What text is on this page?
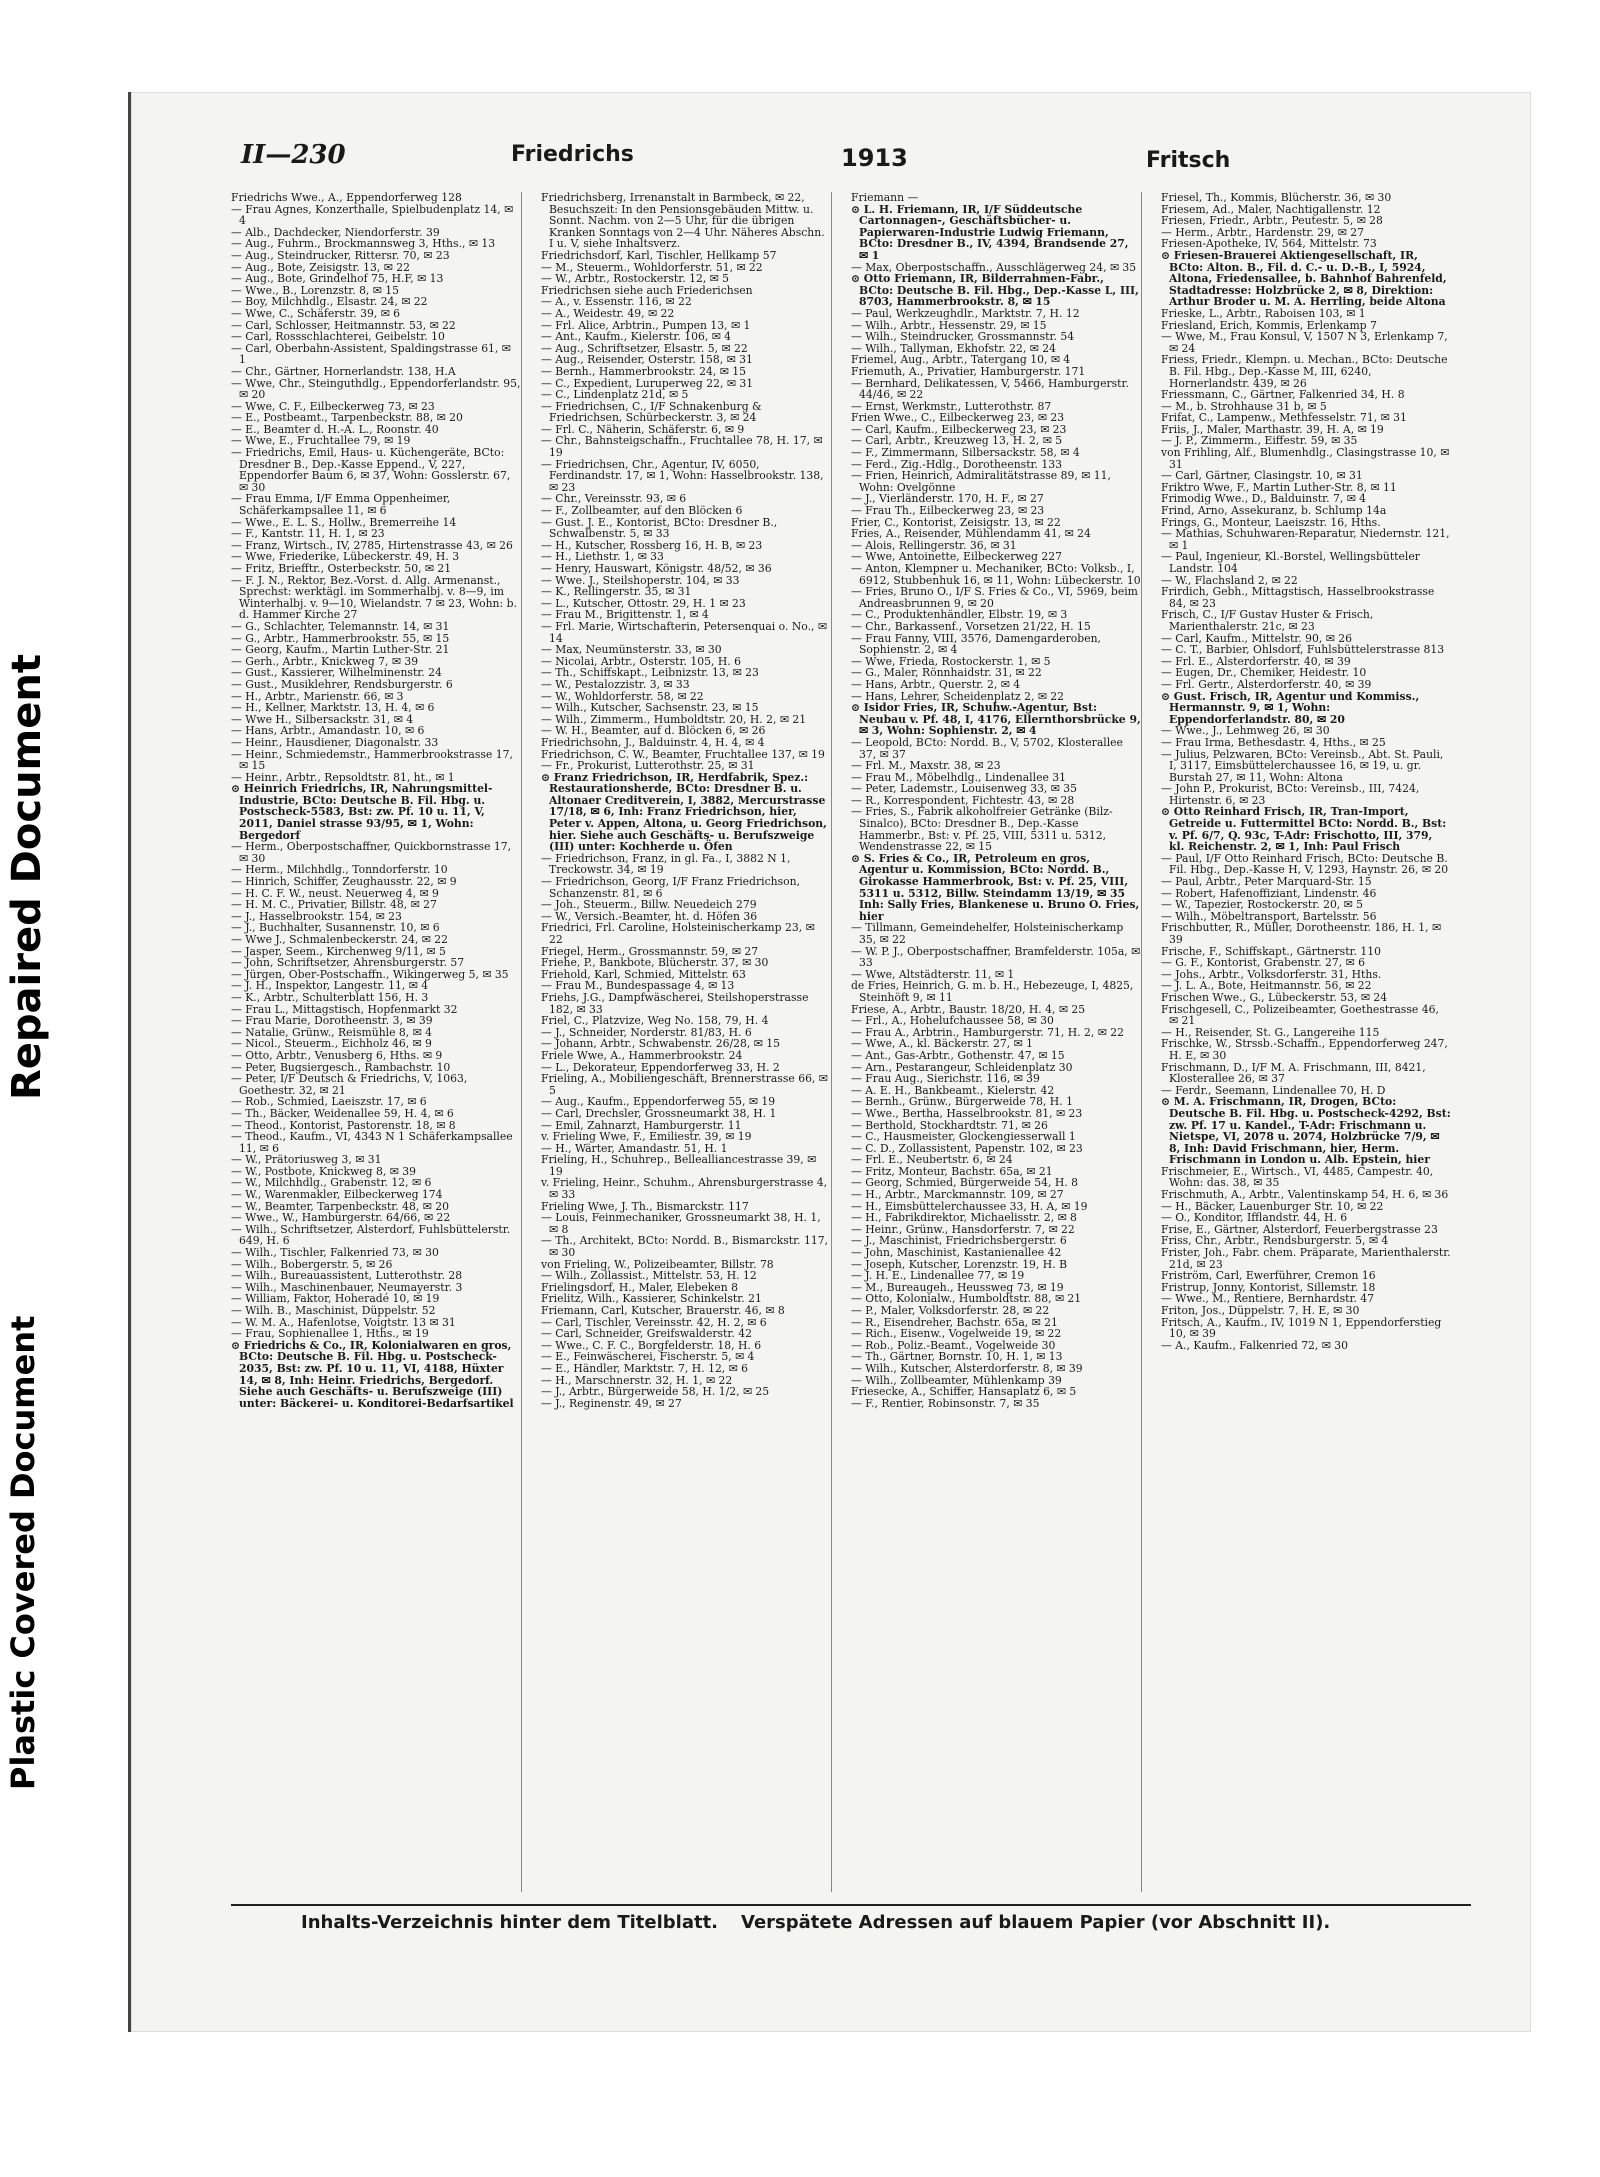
Repaired Document
Plastic Covered Document
II—230	Friedrichs	1913	Fritsch

Friedrichs Wwe., A., Eppendorferweg 128

— Frau Agnes, Konzerthalle, Spielbudenplatz 14, ✉ 4

— Alb., Dachdecker, Niendorferstr. 39

— Aug., Fuhrm., Brockmannsweg 3, Hths., ✉ 13

— Aug., Steindrucker, Rittersr. 70, ✉ 23

— Aug., Bote, Zeisigstr. 13, ✉ 22

— Aug., Bote, Grindelhof 75, H.F, ✉ 13

— Wwe., B., Lorenzstr. 8, ✉ 15

— Boy, Milchhdlg., Elsastr. 24, ✉ 22

— Wwe, C., Schäferstr. 39, ✉ 6

— Carl, Schlosser, Heitmannstr. 53, ✉ 22

— Carl, Rossschlachterei, Geibelstr. 10

— Carl, Oberbahn-Assistent, Spaldingstrasse 61, ✉ 1

— Chr., Gärtner, Hornerlandstr. 138, H.A

— Wwe, Chr., Steinguthdlg., Eppendorferlandstr. 95, ✉ 20

— Wwe, C. F., Eilbeckerweg 73, ✉ 23

— E., Postbeamt., Tarpenbeckstr. 88, ✉ 20

— E., Beamter d. H.-A. L., Roonstr. 40

— Wwe, E., Fruchtallee 79, ✉ 19

— Friedrichs, Emil, Haus- u. Küchengeräte, BCto: Dresdner B., Dep.-Kasse Eppend., V, 227, Eppendorfer Baum 6, ✉ 37, Wohn: Gosslerstr. 67, ✉ 30

— Frau Emma, I/F Emma Oppenheimer, Schäferkampsallee 11, ✉ 6

— Wwe., E. L. S., Hollw., Bremerreihe 14

— F., Kantstr. 11, H. 1, ✉ 23

— Franz, Wirtsch., IV, 2785, Hirtenstrasse 43, ✉ 26

— Wwe, Friederike, Lübeckerstr. 49, H. 3

— Fritz, Briefftr., Osterbeckstr. 50, ✉ 21

— F. J. N., Rektor, Bez.-Vorst. d. Allg. Armenanst., Sprechst: werktägl. im Sommerhalbj. v. 8—9, im Winterhalbj. v. 9—10, Wielandstr. 7 ✉ 23, Wohn: b. d. Hammer Kirche 27

— G., Schlachter, Telemannstr. 14, ✉ 31

— G., Arbtr., Hammerbrookstr. 55, ✉ 15

— Georg, Kaufm., Martin Luther-Str. 21

— Gerh., Arbtr., Knickweg 7, ✉ 39

— Gust., Kassierer, Wilhelminenstr. 24

— Gust., Musiklehrer, Rendsburgerstr. 6

— H., Arbtr., Marienstr. 66, ✉ 3

— H., Kellner, Marktstr. 13, H. 4, ✉ 6

— Wwe H., Silbersackstr. 31, ✉ 4

— Hans, Arbtr., Amandastr. 10, ✉ 6

— Heinr., Hausdiener, Diagonalstr. 33

— Heinr., Schmiedemstr., Hammerbrookstrasse 17, ✉ 15

— Heinr., Arbtr., Repsoldtstr. 81, ht., ✉ 1

⊙ Heinrich Friedrichs, IR, Nahrungsmittel-Industrie, BCto: Deutsche B. Fil. Hbg. u. Postscheck-5583, Bst: zw. Pf. 10 u. 11, V, 2011, Daniel strasse 93/95, ✉ 1, Wohn: Bergedorf

— Herm., Oberpostschaffner, Quickbornstrasse 17, ✉ 30

— Herm., Milchhdlg., Tonndorferstr. 10

— Hinrich, Schiffer, Zeughausstr. 22, ✉ 9

— H. C. F. W., neust. Neuerweg 4, ✉ 9

— H. M. C., Privatier, Billstr. 48, ✉ 27

— J., Hasselbrookstr. 154, ✉ 23

— J., Buchhalter, Susannenstr. 10, ✉ 6

— Wwe J., Schmalenbeckerstr. 24, ✉ 22

— Jasper, Seem., Kirchenweg 9/11, ✉ 5

— John, Schriftsetzer, Ahrensburgerstr. 57

— Jürgen, Ober-Postschaffn., Wikingerweg 5, ✉ 35

— J. H., Inspektor, Langestr. 11, ✉ 4

— K., Arbtr., Schulterblatt 156, H. 3

— Frau L., Mittagstisch, Hopfenmarkt 32

— Frau Marie, Dorotheenstr. 3, ✉ 39

— Natalie, Grünw., Reismühle 8, ✉ 4

— Nicol., Steuerm., Eichholz 46, ✉ 9

— Otto, Arbtr., Venusberg 6, Hths. ✉ 9

— Peter, Bugsiergesch., Rambachstr. 10

— Peter, I/F Deutsch & Friedrichs, V, 1063, Goethestr. 32, ✉ 21

— Rob., Schmied, Laeiszstr. 17, ✉ 6

— Th., Bäcker, Weidenallee 59, H. 4, ✉ 6

— Theod., Kontorist, Pastorenstr. 18, ✉ 8

— Theod., Kaufm., VI, 4343 N 1 Schäferkampsallee 11, ✉ 6

— W., Prätoriusweg 3, ✉ 31

— W., Postbote, Knickweg 8, ✉ 39

— W., Milchhdlg., Grabenstr. 12, ✉ 6

— W., Warenmakler, Eilbeckerweg 174

— W., Beamter, Tarpenbeckstr. 48, ✉ 20

— Wwe., W., Hamburgerstr. 64/66, ✉ 22

— Wilh., Schriftsetzer, Alsterdorf, Fuhlsbüttelerstr. 649, H. 6

— Wilh., Tischler, Falkenried 73, ✉ 30

— Wilh., Bobergerstr. 5, ✉ 26

— Wilh., Bureauassistent, Lutterothstr. 28

— Wilh., Maschinenbauer, Neumayerstr. 3

— William, Faktor, Hoheradé 10, ✉ 19

— Wilh. B., Maschinist, Düppelstr. 52

— W. M. A., Hafenlotse, Voigtstr. 13 ✉ 31

— Frau, Sophienallee 1, Hths., ✉ 19

⊙ Friedrichs & Co., IR, Kolonialwaren en gros, BCto: Deutsche B. Fil. Hbg. u. Postscheck-2035, Bst: zw. Pf. 10 u. 11, VI, 4188, Hüxter 14, ✉ 8, Inh: Heinr. Friedrichs, Bergedorf. Siehe auch Geschäfts- u. Berufszweige (III) unter: Bäckerei- u. Konditorei-Bedarfsartikel

Friedrichsberg, Irrenanstalt in Barmbeck, ✉ 22, Besuchszeit: In den Pensionsgebäuden Mittw. u. Sonnt. Nachm. von 2—5 Uhr, für die übrigen Kranken Sonntags von 2—4 Uhr. Näheres Abschn. I u. V, siehe Inhaltsverz.

Friedrichsdorf, Karl, Tischler, Hellkamp 57

— M., Steuerm., Wohldorferstr. 51, ✉ 22

— W., Arbtr., Rostockerstr. 12, ✉ 5

Friedrichsen siehe auch Friederichsen

— A., v. Essenstr. 116, ✉ 22

— A., Weidestr. 49, ✉ 22

— Frl. Alice, Arbtrin., Pumpen 13, ✉ 1

— Ant., Kaufm., Kielerstr. 106, ✉ 4

— Aug., Schriftsetzer, Elsastr. 5, ✉ 22

— Aug., Reisender, Osterstr. 158, ✉ 31

— Bernh., Hammerbrookstr. 24, ✉ 15

— C., Expedient, Luruperweg 22, ✉ 31

— C., Lindenplatz 21d, ✉ 5

— Friedrichsen, C., I/F Schnakenburg & Friedrichsen, Schürbeckerstr. 3, ✉ 24

— Frl. C., Näherin, Schäferstr. 6, ✉ 9

— Chr., Bahnsteigschaffn., Fruchtallee 78, H. 17, ✉ 19

— Friedrichsen, Chr., Agentur, IV, 6050, Ferdinandstr. 17, ✉ 1, Wohn: Hasselbrookstr. 138, ✉ 23

— Chr., Vereinsstr. 93, ✉ 6

— F., Zollbeamter, auf den Blöcken 6

— Gust. J. E., Kontorist, BCto: Dresdner B., Schwalbenstr. 5, ✉ 33

— H., Kutscher, Rossberg 16, H. B, ✉ 23

— H., Liethstr. 1, ✉ 33

— Henry, Hauswart, Königstr. 48/52, ✉ 36

— Wwe. J., Steilshoperstr. 104, ✉ 33

— K., Rellingerstr. 35, ✉ 31

— L., Kutscher, Ottostr. 29, H. 1 ✉ 23

— Frau M., Brigittenstr. 1, ✉ 4

— Frl. Marie, Wirtschafterin, Petersenquai o. No., ✉ 14

— Max, Neumünsterstr. 33, ✉ 30

— Nicolai, Arbtr., Osterstr. 105, H. 6

— Th., Schiffskapt., Leibnizstr. 13, ✉ 23

— W., Pestalozzistr. 3, ✉ 33

— W., Wohldorferstr. 58, ✉ 22

— Wilh., Kutscher, Sachsenstr. 23, ✉ 15

— Wilh., Zimmerm., Humboldtstr. 20, H. 2, ✉ 21

— W. H., Beamter, auf d. Blöcken 6, ✉ 26

Friedrichsohn, J., Balduinstr. 4, H. 4, ✉ 4

Friedrichson, C. W., Beamter, Fruchtallee 137, ✉ 19

— Fr., Prokurist, Lutterothstr. 25, ✉ 31

⊙ Franz Friedrichson, IR, Herdfabrik, Spez.: Restaurationsherde, BCto: Dresdner B. u. Altonaer Creditverein, I, 3882, Mercurstrasse 17/18, ✉ 6, Inh: Franz Friedrichson, hier, Peter v. Appen, Altona, u. Georg Friedrichson, hier. Siehe auch Geschäfts- u. Berufszweige (III) unter: Kochherde u. Öfen

— Friedrichson, Franz, in gl. Fa., I, 3882 N 1, Treckowstr. 34, ✉ 19

— Friedrichson, Georg, I/F Franz Friedrichson, Schanzenstr. 81, ✉ 6

— Joh., Steuerm., Billw. Neuedeich 279

— W., Versich.-Beamter, ht. d. Höfen 36

Friedrici, Frl. Caroline, Holsteinischerkamp 23, ✉ 22

Friegel, Herm., Grossmannstr. 59, ✉ 27

Friehe, P., Bankbote, Blücherstr. 37, ✉ 30

Friehold, Karl, Schmied, Mittelstr. 63

— Frau M., Bundespassage 4, ✉ 13

Friehs, J.G., Dampfwäscherei, Steilshoperstrasse 182, ✉ 33

Friel, C., Platzvize, Weg No. 158, 79, H. 4

— J., Schneider, Norderstr. 81/83, H. 6

— Johann, Arbtr., Schwabenstr. 26/28, ✉ 15

Friele Wwe, A., Hammerbrookstr. 24

— L., Dekorateur, Eppendorferweg 33, H. 2

Frieling, A., Mobiliengeschäft, Brennerstrasse 66, ✉ 5

— Aug., Kaufm., Eppendorferweg 55, ✉ 19

— Carl, Drechsler, Grossneumarkt 38, H. 1

— Emil, Zahnarzt, Hamburgerstr. 11

v. Frieling Wwe, F., Emiliestr. 39, ✉ 19

— H., Wärter, Amandastr. 51, H. 1

Frieling, H., Schuhrep., Bellealliancestrasse 39, ✉ 19

v. Frieling, Heinr., Schuhm., Ahrensburgerstrasse 4, ✉ 33

Frieling Wwe, J. Th., Bismarckstr. 117

— Louis, Feinmechaniker, Grossneumarkt 38, H. 1, ✉ 8

— Th., Architekt, BCto: Nordd. B., Bismarckstr. 117, ✉ 30

von Frieling, W., Polizeibeamter, Billstr. 78

— Wilh., Zollassist., Mittelstr. 53, H. 12

Frielingsdorf, H., Maler, Elebeken 8

Frielitz, Wilh., Kassierer, Schinkelstr. 21

Friemann, Carl, Kutscher, Brauerstr. 46, ✉ 8

— Carl, Tischler, Vereinsstr. 42, H. 2, ✉ 6

— Carl, Schneider, Greifswalderstr. 42

— Wwe., C. F. C., Borgfelderstr. 18, H. 6

— E., Feinwäscherei, Fischerstr. 5, ✉ 4

— E., Händler, Marktstr. 7, H. 12, ✉ 6

— H., Marschnerstr. 32, H. 1, ✉ 22

— J., Arbtr., Bürgerweide 58, H. 1/2, ✉ 25

— J., Reginenstr. 49, ✉ 27

Friemann —

⊙ L. H. Friemann, IR, I/F Süddeutsche Cartonnagen-, Geschäftsbücher- u. Papierwaren-Industrie Ludwig Friemann, BCto: Dresdner B., IV, 4394, Brandsende 27, ✉ 1

— Max, Oberpostschaffn., Ausschlägerweg 24, ✉ 35

⊙ Otto Friemann, IR, Bilderrahmen-Fabr., BCto: Deutsche B. Fil. Hbg., Dep.-Kasse L, III, 8703, Hammerbrookstr. 8, ✉ 15

— Paul, Werkzeughdlr., Marktstr. 7, H. 12

— Wilh., Arbtr., Hessenstr. 29, ✉ 15

— Wilh., Steindrucker, Grossmannstr. 54

— Wilh., Tallyman, Ekhofstr. 22, ✉ 24

Friemel, Aug., Arbtr., Tatergang 10, ✉ 4

Friemuth, A., Privatier, Hamburgerstr. 171

— Bernhard, Delikatessen, V, 5466, Hamburgerstr. 44/46, ✉ 22

— Ernst, Werkmstr., Lutterothstr. 87

Frien Wwe., C., Eilbeckerweg 23, ✉ 23

— Carl, Kaufm., Eilbeckerweg 23, ✉ 23

— Carl, Arbtr., Kreuzweg 13, H. 2, ✉ 5

— F., Zimmermann, Silbersackstr. 58, ✉ 4

— Ferd., Zig.-Hdlg., Dorotheenstr. 133

— Frien, Heinrich, Admiralitätstrasse 89, ✉ 11, Wohn: Ovelgönne

— J., Vierländerstr. 170, H. F., ✉ 27

— Frau Th., Eilbeckerweg 23, ✉ 23

Frier, C., Kontorist, Zeisigstr. 13, ✉ 22

Fries, A., Reisender, Mühlendamm 41, ✉ 24

— Alois, Rellingerstr. 36, ✉ 31

— Wwe, Antoinette, Eilbeckerweg 227

— Anton, Klempner u. Mechaniker, BCto: Volksb., I, 6912, Stubbenhuk 16, ✉ 11, Wohn: Lübeckerstr. 10

— Fries, Bruno O., I/F S. Fries & Co., VI, 5969, beim Andreasbrunnen 9, ✉ 20

— C., Produktenhändler, Elbstr. 19, ✉ 3

— Chr., Barkassenf., Vorsetzen 21/22, H. 15

— Frau Fanny, VIII, 3576, Damengarderoben, Sophienstr. 2, ✉ 4

— Wwe, Frieda, Rostockerstr. 1, ✉ 5

— G., Maler, Rönnhaidstr. 31, ✉ 22

— Hans, Arbtr., Querstr. 2, ✉ 4

— Hans, Lehrer, Scheidenplatz 2, ✉ 22

⊙ Isidor Fries, IR, Schuhw.-Agentur, Bst: Neubau v. Pf. 48, I, 4176, Ellernthorsbrücke 9, ✉ 3, Wohn: Sophienstr. 2, ✉ 4

— Leopold, BCto: Nordd. B., V, 5702, Klosterallee 37, ✉ 37

— Frl. M., Maxstr. 38, ✉ 23

— Frau M., Möbelhdlg., Lindenallee 31

— Peter, Lademstr., Louisenweg 33, ✉ 35

— R., Korrespondent, Fichtestr. 43, ✉ 28

— Fries, S., Fabrik alkoholfreier Getränke (Bilz-Sinalco), BCto: Dresdner B., Dep.-Kasse Hammerbr., Bst: v. Pf. 25, VIII, 5311 u. 5312, Wendenstrasse 22, ✉ 15

⊙ S. Fries & Co., IR, Petroleum en gros, Agentur u. Kommission, BCto: Nordd. B., Girokasse Hammerbrook, Bst: v. Pf. 25, VIII, 5311 u. 5312, Billw. Steindamm 13/19, ✉ 35 Inh: Sally Fries, Blankenese u. Bruno O. Fries, hier

— Tillmann, Gemeindehelfer, Holsteinischerkamp 35, ✉ 22

— W. P. J., Oberpostschaffner, Bramfelderstr. 105a, ✉ 33

— Wwe, Altstädterstr. 11, ✉ 1

de Fries, Heinrich, G. m. b. H., Hebezeuge, I, 4825, Steinhöft 9, ✉ 11

Friese, A., Arbtr., Baustr. 18/20, H. 4, ✉ 25

— Frl., A., Hohelufchaussee 58, ✉ 30

— Frau A., Arbtrin., Hamburgerstr. 71, H. 2, ✉ 22

— Wwe, A., kl. Bäckerstr. 27, ✉ 1

— Ant., Gas-Arbtr., Gothenstr. 47, ✉ 15

— Arn., Pestarangeur, Schleidenplatz 30

— Frau Aug., Sierichstr. 116, ✉ 39

— A. E. H., Bankbeamt., Kielerstr. 42

— Bernh., Grünw., Bürgerweide 78, H. 1

— Wwe., Bertha, Hasselbrookstr. 81, ✉ 23

— Berthold, Stockhardtstr. 71, ✉ 26

— C., Hausmeister, Glockengiesserwall 1

— C. D., Zollassistent, Papenstr. 102, ✉ 23

— Frl. E., Neubertstr. 6, ✉ 24

— Fritz, Monteur, Bachstr. 65a, ✉ 21

— Georg, Schmied, Bürgerweide 54, H. 8

— H., Arbtr., Marckmannstr. 109, ✉ 27

— H., Eimsbüttelerchaussee 33, H. A, ✉ 19

— H., Fabrikdirektor, Michaelisstr. 2, ✉ 8

— Heinr., Grünw., Hansdorferstr. 7, ✉ 22

— J., Maschinist, Friedrichsbergerstr. 6

— John, Maschinist, Kastanienallee 42

— Joseph, Kutscher, Lorenzstr. 19, H. B

— J. H. E., Lindenallee 77, ✉ 19

— M., Bureaugeh., Heussweg 73, ✉ 19

— Otto, Kolonialw., Humboldtstr. 88, ✉ 21

— P., Maler, Volksdorferstr. 28, ✉ 22

— R., Eisendreher, Bachstr. 65a, ✉ 21

— Rich., Eisenw., Vogelweide 19, ✉ 22

— Rob., Poliz.-Beamt., Vogelweide 30

— Th., Gärtner, Bornstr. 10, H. 1, ✉ 13

— Wilh., Kutscher, Alsterdorferstr. 8, ✉ 39

— Wilh., Zollbeamter, Mühlenkamp 39

Friesecke, A., Schiffer, Hansaplatz 6, ✉ 5

— F., Rentier, Robinsonstr. 7, ✉ 35

Friesel, Th., Kommis, Blücherstr. 36, ✉ 30

Friesem, Ad., Maler, Nachtigallenstr. 12

Friesen, Friedr., Arbtr., Peutestr. 5, ✉ 28

— Herm., Arbtr., Hardenstr. 29, ✉ 27

Friesen-Apotheke, IV, 564, Mittelstr. 73

⊙ Friesen-Brauerei Aktiengesellschaft, IR, BCto: Alton. B., Fil. d. C.- u. D.-B., I, 5924, Altona, Friedensallee, b. Bahnhof Bahrenfeld, Stadtadresse: Holzbrücke 2, ✉ 8, Direktion: Arthur Broder u. M. A. Herrling, beide Altona

Frieske, L., Arbtr., Raboisen 103, ✉ 1

Friesland, Erich, Kommis, Erlenkamp 7

— Wwe, M., Frau Konsul, V, 1507 N 3, Erlenkamp 7, ✉ 24

Friess, Friedr., Klempn. u. Mechan., BCto: Deutsche B. Fil. Hbg., Dep.-Kasse M, III, 6240, Hornerlandstr. 439, ✉ 26

Friessmann, C., Gärtner, Falkenried 34, H. 8

— M., b. Strohhause 31 b, ✉ 5

Frifat, C., Lampenw., Methfesselstr. 71, ✉ 31

Friis, J., Maler, Marthastr. 39, H. A, ✉ 19

— J. P., Zimmerm., Eiffestr. 59, ✉ 35

von Frihling, Alf., Blumenhdlg., Clasingstrasse 10, ✉ 31

— Carl, Gärtner, Clasingstr. 10, ✉ 31

Friktro Wwe, F., Martin Luther-Str. 8, ✉ 11

Frimodig Wwe., D., Balduinstr. 7, ✉ 4

Frind, Arno, Assekuranz, b. Schlump 14a

Frings, G., Monteur, Laeiszstr. 16, Hths.

— Mathias, Schuhwaren-Reparatur, Niedernstr. 121, ✉ 1

— Paul, Ingenieur, Kl.-Borstel, Wellingsbütteler Landstr. 104

— W., Flachsland 2, ✉ 22

Frirdich, Gebh., Mittagstisch, Hasselbrookstrasse 84, ✉ 23

Frisch, C., I/F Gustav Huster & Frisch, Marienthalerstr. 21c, ✉ 23

— Carl, Kaufm., Mittelstr. 90, ✉ 26

— C. T., Barbier, Ohlsdorf, Fuhlsbüttelerstrasse 813

— Frl. E., Alsterdorferstr. 40, ✉ 39

— Eugen, Dr., Chemiker, Heidestr. 10

— Frl. Gertr., Alsterdorferstr. 40, ✉ 39

⊙ Gust. Frisch, IR, Agentur und Kommiss., Hermannstr. 9, ✉ 1, Wohn: Eppendorferlandstr. 80, ✉ 20

— Wwe., J., Lehmweg 26, ✉ 30

— Frau Irma, Bethesdastr. 4, Hths., ✉ 25

— Julius, Pelzwaren, BCto: Vereinsb., Abt. St. Pauli, I, 3117, Eimsbüttelerchaussee 16, ✉ 19, u. gr. Burstah 27, ✉ 11, Wohn: Altona

— John P., Prokurist, BCto: Vereinsb., III, 7424, Hirtenstr. 6, ✉ 23

⊙ Otto Reinhard Frisch, IR, Tran-Import, Getreide u. Futtermittel BCto: Nordd. B., Bst: v. Pf. 6/7, Q. 93c, T-Adr: Frischotto, III, 379, kl. Reichenstr. 2, ✉ 1, Inh: Paul Frisch

— Paul, I/F Otto Reinhard Frisch, BCto: Deutsche B. Fil. Hbg., Dep.-Kasse H, V, 1293, Haynstr. 26, ✉ 20

— Paul, Arbtr., Peter Marquard-Str. 15

— Robert, Hafenoffiziant, Lindenstr. 46

— W., Tapezier, Rostockerstr. 20, ✉ 5

— Wilh., Möbeltransport, Bartelsstr. 56

Frischbutter, R., Müller, Dorotheenstr. 186, H. 1, ✉ 39

Frische, F., Schiffskapt., Gärtnerstr. 110

— G. F., Kontorist, Grabenstr. 27, ✉ 6

— Johs., Arbtr., Volksdorferstr. 31, Hths.

— J. L. A., Bote, Heitmannstr. 56, ✉ 22

Frischen Wwe., G., Lübeckerstr. 53, ✉ 24

Frischgesell, C., Polizeibeamter, Goethestrasse 46, ✉ 21

— H., Reisender, St. G., Langereihe 115

Frischke, W., Strssb.-Schaffn., Eppendorferweg 247, H. E, ✉ 30

Frischmann, D., I/F M. A. Frischmann, III, 8421, Klosterallee 26, ✉ 37

— Ferdr., Seemann, Lindenallee 70, H. D

⊙ M. A. Frischmann, IR, Drogen, BCto: Deutsche B. Fil. Hbg. u. Postscheck-4292, Bst: zw. Pf. 17 u. Kandel., T-Adr: Frischmann u. Nietspe, VI, 2078 u. 2074, Holzbrücke 7/9, ✉ 8, Inh: David Frischmann, hier, Herm. Frischmann in London u. Alb. Epstein, hier

Frischmeier, E., Wirtsch., VI, 4485, Campestr. 40, Wohn: das. 38, ✉ 35

Frischmuth, A., Arbtr., Valentinskamp 54, H. 6, ✉ 36

— H., Bäcker, Lauenburger Str. 10, ✉ 22

— O., Konditor, Ifflandstr. 44, H. 6

Frise, E., Gärtner, Alsterdorf, Feuerbergstrasse 23

Friss, Chr., Arbtr., Rendsburgerstr. 5, ✉ 4

Frister, Joh., Fabr. chem. Präparate, Marienthalerstr. 21d, ✉ 23

Friström, Carl, Ewerführer, Cremon 16

Fristrup, Jonny, Kontorist, Sillemstr. 18

— Wwe., M., Rentiere, Bernhardstr. 47

Friton, Jos., Düppelstr. 7, H. E, ✉ 30

Fritsch, A., Kaufm., IV, 1019 N 1, Eppendorferstieg 10, ✉ 39

— A., Kaufm., Falkenried 72, ✉ 30

Inhalts-Verzeichnis hinter dem Titelblatt. Verspätete Adressen auf blauem Papier (vor Abschnitt II).
